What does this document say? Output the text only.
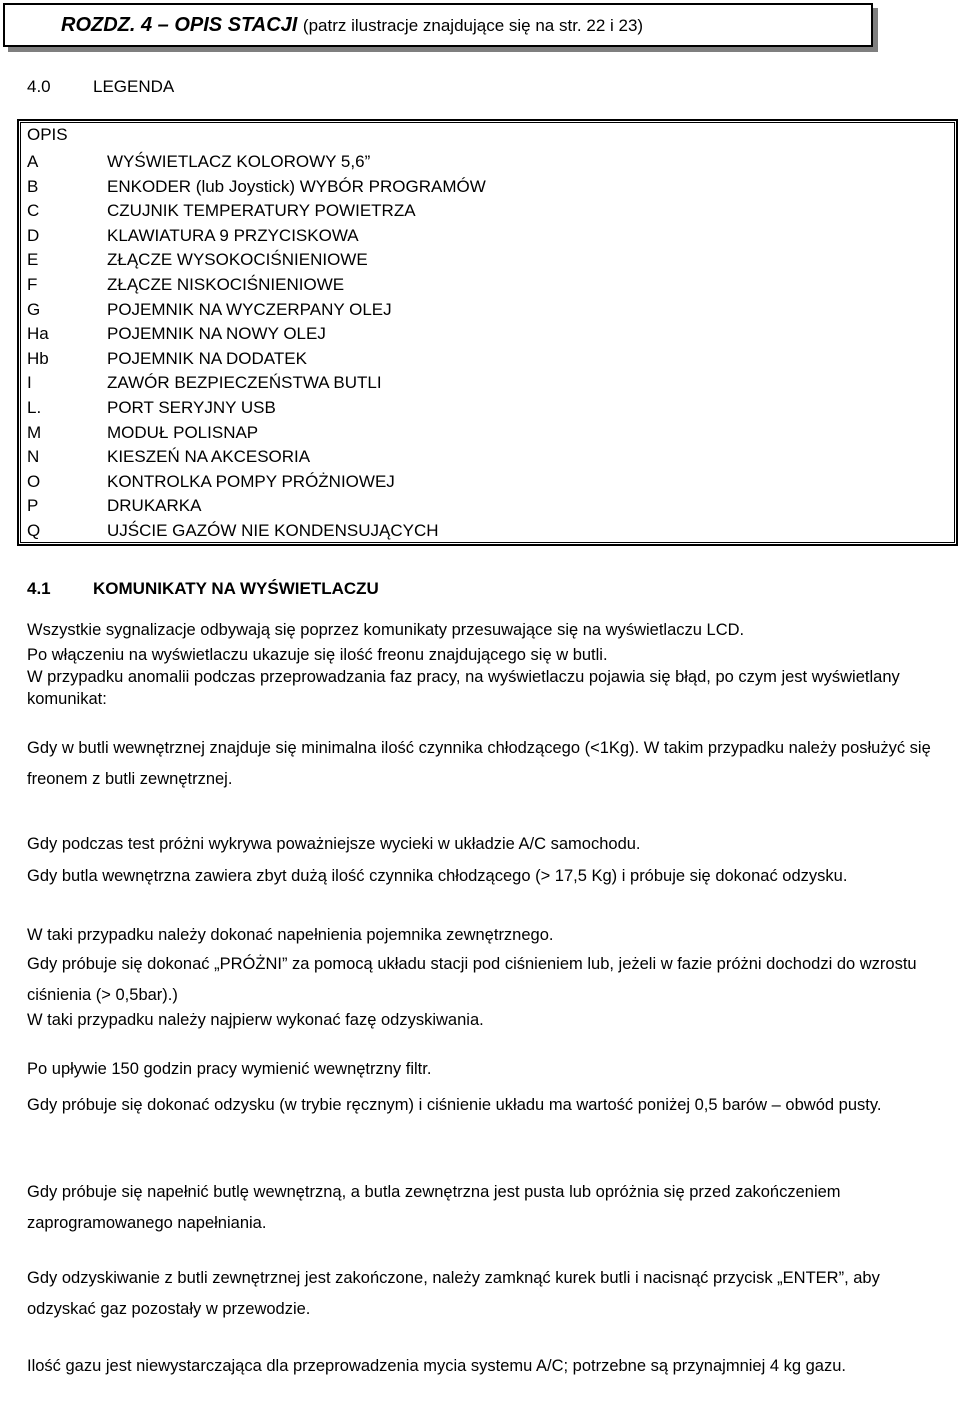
ROZDZ. 4 – OPIS STACJI (patrz ilustracje znajdujące się na str. 22 i 23)
4.0 LEGENDA
OPIS
A	WYŚWIETLACZ KOLOROWY 5,6”
B	ENKODER (lub Joystick) WYBÓR PROGRAMÓW
C	CZUJNIK TEMPERATURY POWIETRZA
D	KLAWIATURA 9 PRZYCISKOWA
E	ZŁĄCZE WYSOKOCIŚNIENIOWE
F	ZŁĄCZE NISKOCIŚNIENIOWE
G	POJEMNIK NA WYCZERPANY OLEJ
Ha	POJEMNIK NA NOWY OLEJ
Hb	POJEMNIK NA DODATEK
I	ZAWÓR BEZPIECZEŃSTWA BUTLI
L.	PORT SERYJNY USB
M	MODUŁ POLISNAP
N	KIESZEŃ NA AKCESORIA
O	KONTROLKA POMPY PRÓŻNIOWEJ
P	DRUKARKA
Q	UJŚCIE GAZÓW NIE KONDENSUJĄCYCH
4.1 KOMUNIKATY NA WYŚWIETLACZU
Wszystkie sygnalizacje odbywają się poprzez komunikaty przesuwające się na wyświetlaczu LCD.
Po włączeniu na wyświetlaczu ukazuje się ilość freonu znajdującego się w butli.
W przypadku anomalii podczas przeprowadzania faz pracy, na wyświetlaczu pojawia się błąd, po czym jest wyświetlany komunikat:
Gdy w butli wewnętrznej znajduje się minimalna ilość czynnika chłodzącego (<1Kg). W takim przypadku należy posłużyć się freonem z butli zewnętrznej.
Gdy podczas test próżni wykrywa poważniejsze wycieki w układzie A/C samochodu.
Gdy butla wewnętrzna zawiera zbyt dużą ilość czynnika chłodzącego (> 17,5 Kg) i próbuje się dokonać odzysku.
W taki przypadku należy dokonać napełnienia pojemnika zewnętrznego.
Gdy próbuje się dokonać „PRÓŻNI” za pomocą układu stacji pod ciśnieniem lub, jeżeli w fazie próżni dochodzi do wzrostu ciśnienia (> 0,5bar).)
W taki przypadku należy najpierw wykonać fazę odzyskiwania.
Po upływie 150 godzin pracy wymienić wewnętrzny filtr.
Gdy próbuje się dokonać odzysku (w trybie ręcznym) i ciśnienie układu ma wartość poniżej 0,5 barów – obwód pusty.
Gdy próbuje się napełnić butlę wewnętrzną, a butla zewnętrzna jest pusta lub opróżnia się przed zakończeniem zaprogramowanego napełniania.
Gdy odzyskiwanie z butli zewnętrznej jest zakończone, należy zamknąć kurek butli i nacisnąć przycisk „ENTER”, aby odzyskać gaz pozostały w przewodzie.
Ilość gazu jest niewystarczająca dla przeprowadzenia mycia systemu A/C; potrzebne są przynajmniej 4 kg gazu.
